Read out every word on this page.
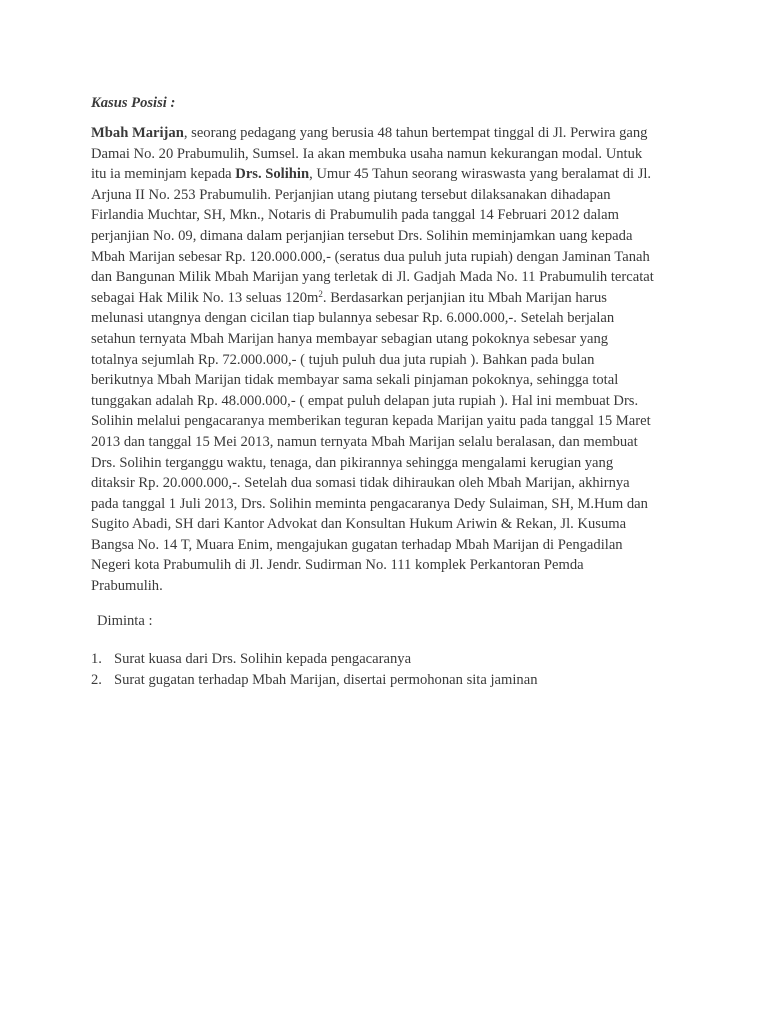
Kasus Posisi :

Mbah Marijan, seorang pedagang yang berusia 48 tahun bertempat tinggal di Jl. Perwira gang
Damai No. 20 Prabumulih, Sumsel. Ia akan membuka usaha namun kekurangan modal. Untuk
itu ia meminjam kepada Drs. Solihin, Umur 45 Tahun seorang wiraswasta yang beralamat di Jl.
Arjuna II No. 253 Prabumulih. Perjanjian utang piutang tersebut dilaksanakan dihadapan
Firlandia Muchtar, SH, Mkn., Notaris di Prabumulih pada tanggal 14 Februari 2012 dalam
perjanjian No. 09, dimana dalam perjanjian tersebut Drs. Solihin meminjamkan uang kepada
Mbah Marijan sebesar Rp. 120.000.000,- (seratus dua puluh juta rupiah) dengan Jaminan Tanah
dan Bangunan Milik Mbah Marijan yang terletak di Jl. Gadjah Mada No. 11 Prabumulih tercatat
sebagai Hak Milik No. 13 seluas $120m^2$. Berdasarkan perjanjian itu Mbah Marijan harus
melunasi utangnya dengan cicilan tiap bulannya sebesar Rp. 6.000.000,-. Setelah berjalan
setahun ternyata Mbah Marijan hanya membayar sebagian utang pokoknya sebesar yang
totalnya sejumlah Rp. 72.000.000,- ( tujuh puluh dua juta rupiah ). Bahkan pada bulan
berikutnya Mbah Marijan tidak membayar sama sekali pinjaman pokoknya, sehingga total
tunggakan adalah Rp. 48.000.000,- ( empat puluh delapan juta rupiah ). Hal ini membuat Drs.
Solihin melalui pengacaranya memberikan teguran kepada Marijan yaitu pada tanggal 15 Maret
2013 dan tanggal 15 Mei 2013, namun ternyata Mbah Marijan selalu beralasan, dan membuat
Drs. Solihin terganggu waktu, tenaga, dan pikirannya sehingga mengalami kerugian yang
ditaksir Rp. 20.000.000,-. Setelah dua somasi tidak dihiraukan oleh Mbah Marijan, akhirnya
pada tanggal 1 Juli 2013, Drs. Solihin meminta pengacaranya Dedy Sulaiman, SH, M.Hum dan
Sugito Abadi, SH dari Kantor Advokat dan Konsultan Hukum Ariwin & Rekan, Jl. Kusuma
Bangsa No. 14 T, Muara Enim, mengajukan gugatan terhadap Mbah Marijan di Pengadilan
Negeri kota Prabumulih di Jl. Jendr. Sudirman No. 111 komplek Perkantoran Pemda
Prabumulih.

Diminta :

1. Surat kuasa dari Drs. Solihin kepada pengacaranya
2. Surat gugatan terhadap Mbah Marijan, disertai permohonan sita jaminan
